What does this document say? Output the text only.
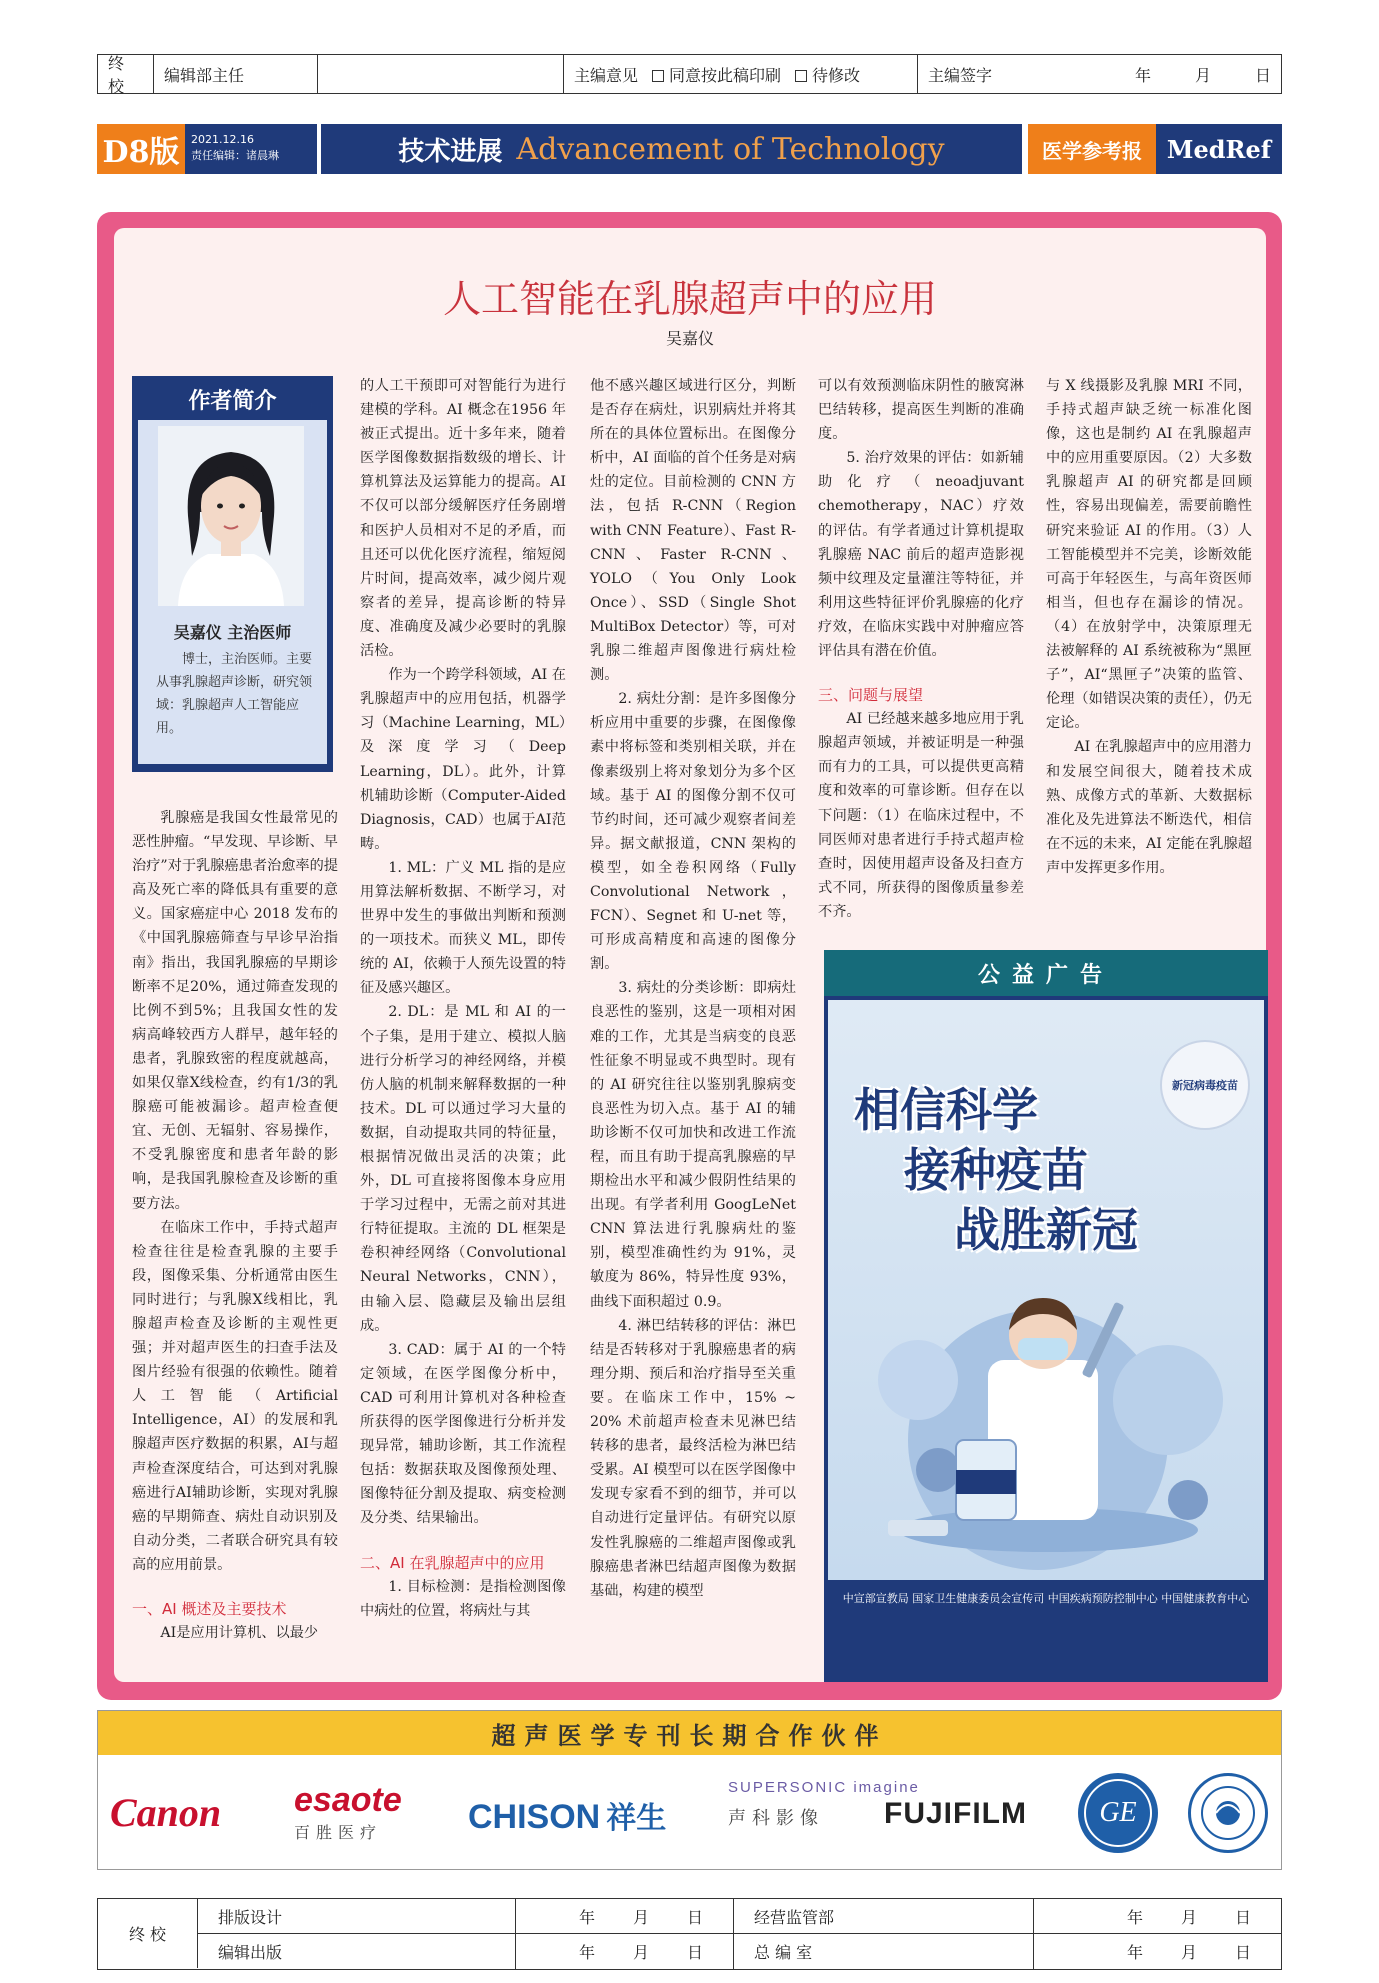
终 校
编辑部主任	主编意见	同意按此稿印刷	待修改	主编签字	年	月	日
D8版	2021.12.16
责任编辑：诸晨琳	技术进展 Advancement of Technology	医学参考报	MedRef
人工智能在乳腺超声中的应用
吴嘉仪
作者简介
吴嘉仪 主治医师
博士，主治医师。主要从事乳腺超声诊断，研究领域：乳腺超声人工智能应用。

乳腺癌是我国女性最常见的恶性肿瘤。“早发现、早诊断、早治疗”对于乳腺癌患者治愈率的提高及死亡率的降低具有重要的意义。国家癌症中心 2018 发布的《中国乳腺癌筛查与早诊早治指南》指出，我国乳腺癌的早期诊断率不足20%，通过筛查发现的比例不到5%；且我国女性的发病高峰较西方人群早，越年轻的患者，乳腺致密的程度就越高，如果仅靠X线检查，约有1/3的乳腺癌可能被漏诊。超声检查便宜、无创、无辐射、容易操作，不受乳腺密度和患者年龄的影响，是我国乳腺检查及诊断的重要方法。

在临床工作中，手持式超声检查往往是检查乳腺的主要手段，图像采集、分析通常由医生同时进行；与乳腺X线相比，乳腺超声检查及诊断的主观性更强；并对超声医生的扫查手法及图片经验有很强的依赖性。随着人工智能（Artificial Intelligence，AI）的发展和乳腺超声医疗数据的积累，AI与超声检查深度结合，可达到对乳腺癌进行AI辅助诊断，实现对乳腺癌的早期筛查、病灶自动识别及自动分类，二者联合研究具有较高的应用前景。

一、AI 概述及主要技术

AI是应用计算机、以最少

的人工干预即可对智能行为进行建模的学科。AI 概念在1956 年被正式提出。近十多年来，随着医学图像数据指数级的增长、计算机算法及运算能力的提高。AI 不仅可以部分缓解医疗任务剧增和医护人员相对不足的矛盾，而且还可以优化医疗流程，缩短阅片时间，提高效率，减少阅片观察者的差异，提高诊断的特异度、准确度及减少必要时的乳腺活检。

作为一个跨学科领域，AI 在乳腺超声中的应用包括，机器学习（Machine Learning，ML）及深度学习（Deep Learning，DL）。此外，计算机辅助诊断（Computer-Aided Diagnosis，CAD）也属于AI范畴。

1. ML：广义 ML 指的是应用算法解析数据、不断学习，对世界中发生的事做出判断和预测的一项技术。而狭义 ML，即传统的 AI，依赖于人预先设置的特征及感兴趣区。

2. DL：是 ML 和 AI 的一个子集，是用于建立、模拟人脑进行分析学习的神经网络，并模仿人脑的机制来解释数据的一种技术。DL 可以通过学习大量的数据，自动提取共同的特征量，根据情况做出灵活的决策；此外，DL 可直接将图像本身应用于学习过程中，无需之前对其进行特征提取。主流的 DL 框架是卷积神经网络（Convolutional Neural Networks，CNN），由输入层、隐藏层及输出层组成。

3. CAD：属于 AI 的一个特定领域，在医学图像分析中，CAD 可利用计算机对各种检查所获得的医学图像进行分析并发现异常，辅助诊断，其工作流程包括：数据获取及图像预处理、图像特征分割及提取、病变检测及分类、结果输出。

二、AI 在乳腺超声中的应用

1. 目标检测：是指检测图像中病灶的位置，将病灶与其

他不感兴趣区域进行区分，判断是否存在病灶，识别病灶并将其所在的具体位置标出。在图像分析中，AI 面临的首个任务是对病灶的定位。目前检测的 CNN 方法，包括 R-CNN（Region with CNN Feature）、Fast R-CNN、Faster R-CNN、YOLO（You Only Look Once）、SSD（Single Shot MultiBox Detector）等，可对乳腺二维超声图像进行病灶检测。

2. 病灶分割：是许多图像分析应用中重要的步骤，在图像像素中将标签和类别相关联，并在像素级别上将对象划分为多个区域。基于 AI 的图像分割不仅可节约时间，还可减少观察者间差异。据文献报道，CNN 架构的模型，如全卷积网络（Fully Convolutional Network，FCN）、Segnet 和 U-net 等，可形成高精度和高速的图像分割。

3. 病灶的分类诊断：即病灶良恶性的鉴别，这是一项相对困难的工作，尤其是当病变的良恶性征象不明显或不典型时。现有的 AI 研究往往以鉴别乳腺病变良恶性为切入点。基于 AI 的辅助诊断不仅可加快和改进工作流程，而且有助于提高乳腺癌的早期检出水平和减少假阴性结果的出现。有学者利用 GoogLeNet CNN 算法进行乳腺病灶的鉴别，模型准确性约为 91%，灵敏度为 86%，特异性度 93%，曲线下面积超过 0.9。

4. 淋巴结转移的评估：淋巴结是否转移对于乳腺癌患者的病理分期、预后和治疗指导至关重要。在临床工作中，15% ~ 20% 术前超声检查未见淋巴结转移的患者，最终活检为淋巴结受累。AI 模型可以在医学图像中发现专家看不到的细节，并可以自动进行定量评估。有研究以原发性乳腺癌的二维超声图像或乳腺癌患者淋巴结超声图像为数据基础，构建的模型

可以有效预测临床阴性的腋窝淋巴结转移，提高医生判断的准确度。

5. 治疗效果的评估：如新辅助化疗（neoadjuvant chemotherapy，NAC）疗效的评估。有学者通过计算机提取乳腺癌 NAC 前后的超声造影视频中纹理及定量灌注等特征，并利用这些特征评价乳腺癌的化疗疗效，在临床实践中对肿瘤应答评估具有潜在价值。

三、问题与展望

AI 已经越来越多地应用于乳腺超声领域，并被证明是一种强而有力的工具，可以提供更高精度和效率的可靠诊断。但存在以下问题：（1）在临床过程中，不同医师对患者进行手持式超声检查时，因使用超声设备及扫查方式不同，所获得的图像质量参差不齐。

与 X 线摄影及乳腺 MRI 不同，手持式超声缺乏统一标准化图像，这也是制约 AI 在乳腺超声中的应用重要原因。（2）大多数乳腺超声 AI 的研究都是回顾性，容易出现偏差，需要前瞻性研究来验证 AI 的作用。（3）人工智能模型并不完美，诊断效能可高于年轻医生，与高年资医师相当，但也存在漏诊的情况。（4）在放射学中，决策原理无法被解释的 AI 系统被称为“黑匣子”，AI“黑匣子”决策的监管、伦理（如错误决策的责任），仍无定论。

AI 在乳腺超声中的应用潜力和发展空间很大，随着技术成熟、成像方式的革新、大数据标准化及先进算法不断迭代，相信在不远的未来，AI 定能在乳腺超声中发挥更多作用。

公益广告
相信科学
接种疫苗
战胜新冠
新冠病毒疫苗
中宣部宣教局 国家卫生健康委员会宣传司 中国疾病预防控制中心 中国健康教育中心
超声医学专刊长期合作伙伴
Canon esaote
百胜医疗	CHISON 祥生
SUPERSONIC imagine
声科影像	FUJIFILM	GE
终 校
排版设计	年 月 日	经营监管部	年 月 日
编辑出版	年 月 日	总 编 室	年 月 日
